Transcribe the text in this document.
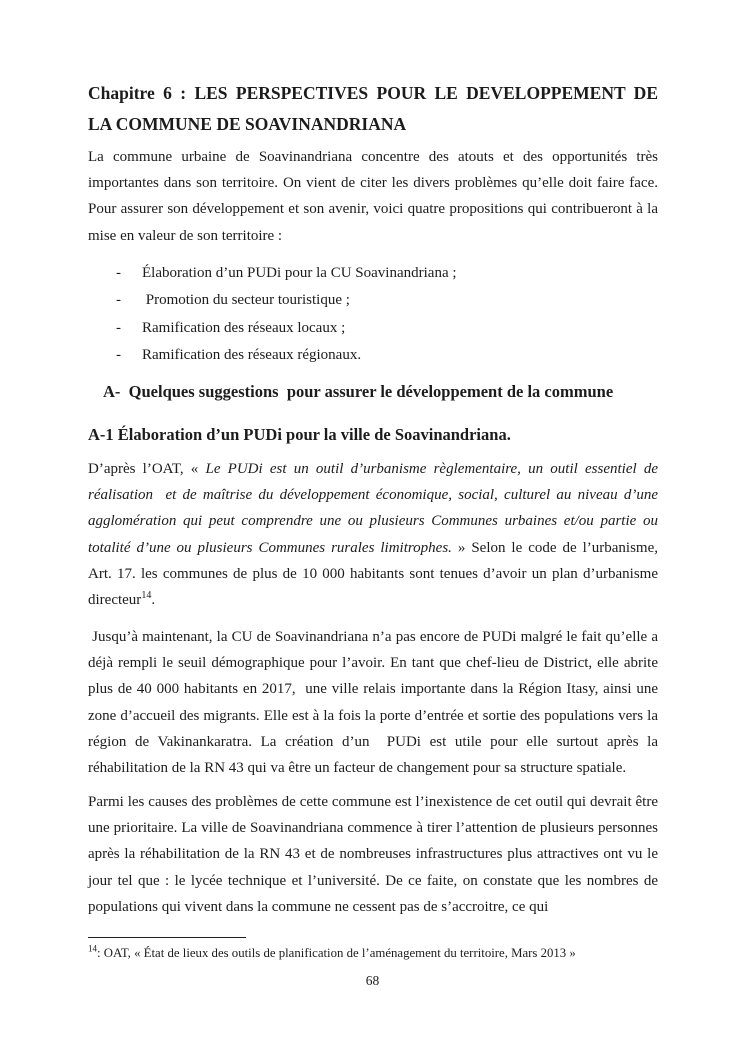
Chapitre 6 : LES PERSPECTIVES POUR LE DEVELOPPEMENT DE
LA COMMUNE DE SOAVINANDRIANA

La commune urbaine de Soavinandriana concentre des atouts et des opportunités très importantes dans son territoire. On vient de citer les divers problèmes qu’elle doit faire face. Pour assurer son développement et son avenir, voici quatre propositions qui contribueront à la mise en valeur de son territoire :

-	Élaboration d’un PUDi pour la CU Soavinandriana ;
-	Promotion du secteur touristique ;
-	Ramification des réseaux locaux ;
-	Ramification des réseaux régionaux.
A-  Quelques suggestions  pour assurer le développement de la commune
A-1 Élaboration d’un PUDi pour la ville de Soavinandriana.

D’après l’OAT, « Le PUDi est un outil d’urbanisme règlementaire, un outil essentiel de réalisation  et de maîtrise du développement économique, social, culturel au niveau d’une agglomération qui peut comprendre une ou plusieurs Communes urbaines et/ou partie ou totalité d’une ou plusieurs Communes rurales limitrophes. » Selon le code de l’urbanisme, Art. 17. les communes de plus de 10 000 habitants sont tenues d’avoir un plan d’urbanisme directeur$^{14}$.

Jusqu’à maintenant, la CU de Soavinandriana n’a pas encore de PUDi malgré le fait qu’elle a déjà rempli le seuil démographique pour l’avoir. En tant que chef-lieu de District, elle abrite plus de 40 000 habitants en 2017,  une ville relais importante dans la Région Itasy, ainsi une zone d’accueil des migrants. Elle est à la fois la porte d’entrée et sortie des populations vers la région de Vakinankaratra. La création d’un  PUDi est utile pour elle surtout après la réhabilitation de la RN 43 qui va être un facteur de changement pour sa structure spatiale.

Parmi les causes des problèmes de cette commune est l’inexistence de cet outil qui devrait être une prioritaire. La ville de Soavinandriana commence à tirer l’attention de plusieurs personnes après la réhabilitation de la RN 43 et de nombreuses infrastructures plus attractives ont vu le jour tel que : le lycée technique et l’université. De ce faite, on constate que les nombres de populations qui vivent dans la commune ne cessent pas de s’accroitre, ce qui

$^{14}$: OAT, « État de lieux des outils de planification de l’aménagement du territoire, Mars 2013 »

68
